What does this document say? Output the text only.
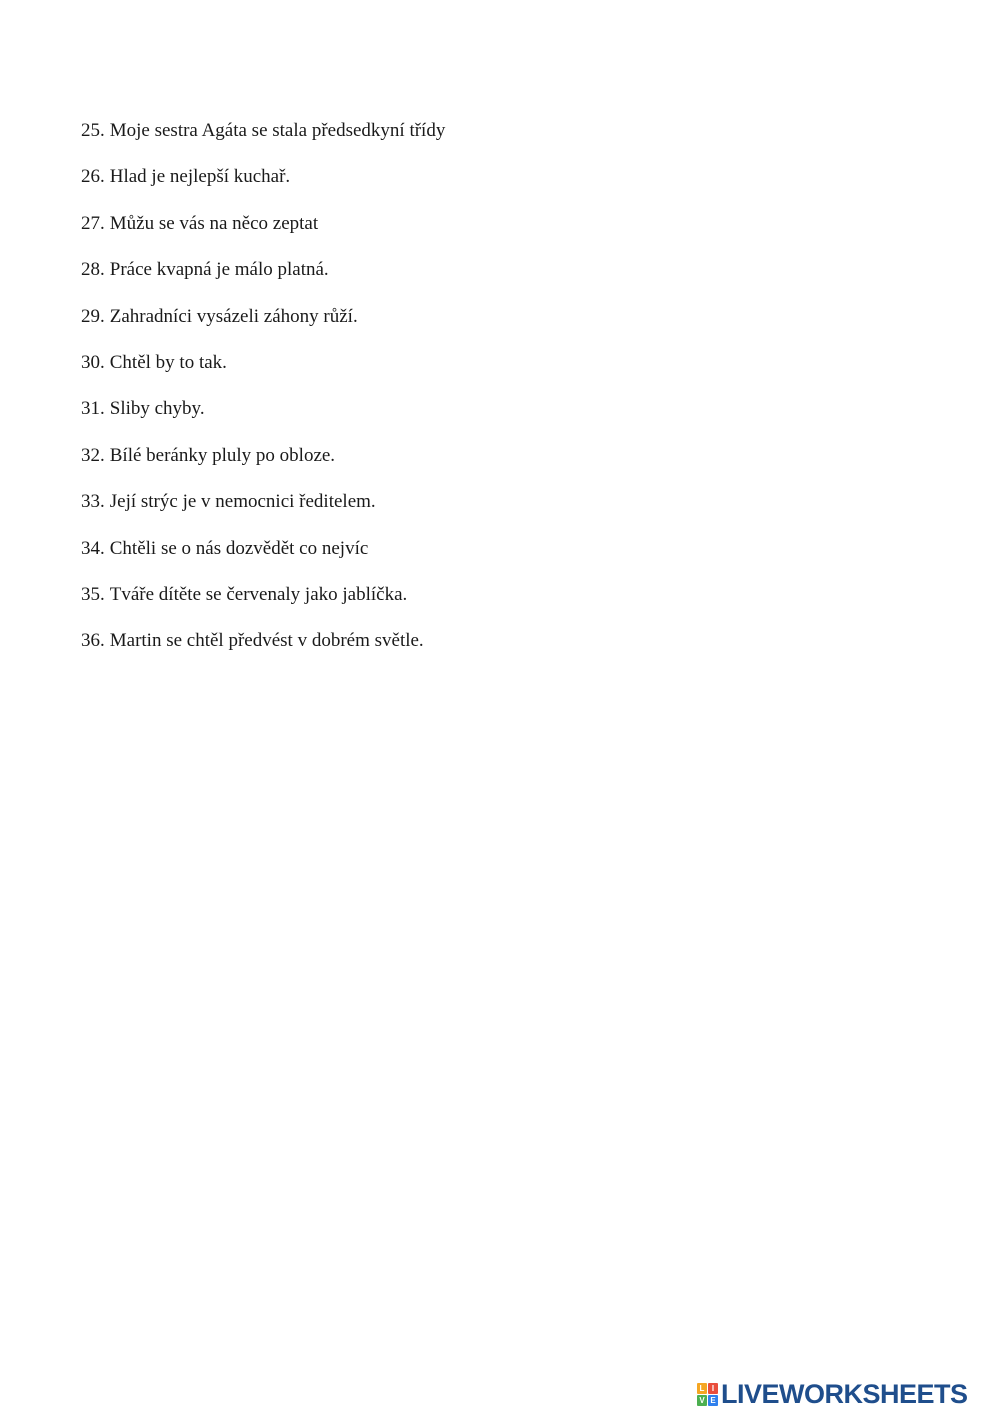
25. Moje sestra Agáta se stala předsedkyní třídy
26. Hlad je nejlepší kuchař.
27. Můžu se vás na něco zeptat
28. Práce kvapná je málo platná.
29. Zahradníci vysázeli záhony růží.
30. Chtěl by to tak.
31. Sliby chyby.
32. Bílé beránky pluly po obloze.
33. Její strýc je v nemocnici ředitelem.
34. Chtěli se o nás dozvědět co nejvíc
35. Tváře dítěte se červenaly jako jablíčka.
36. Martin se chtěl předvést v dobrém světle.
L I
V E LIVEWORKSHEETS
